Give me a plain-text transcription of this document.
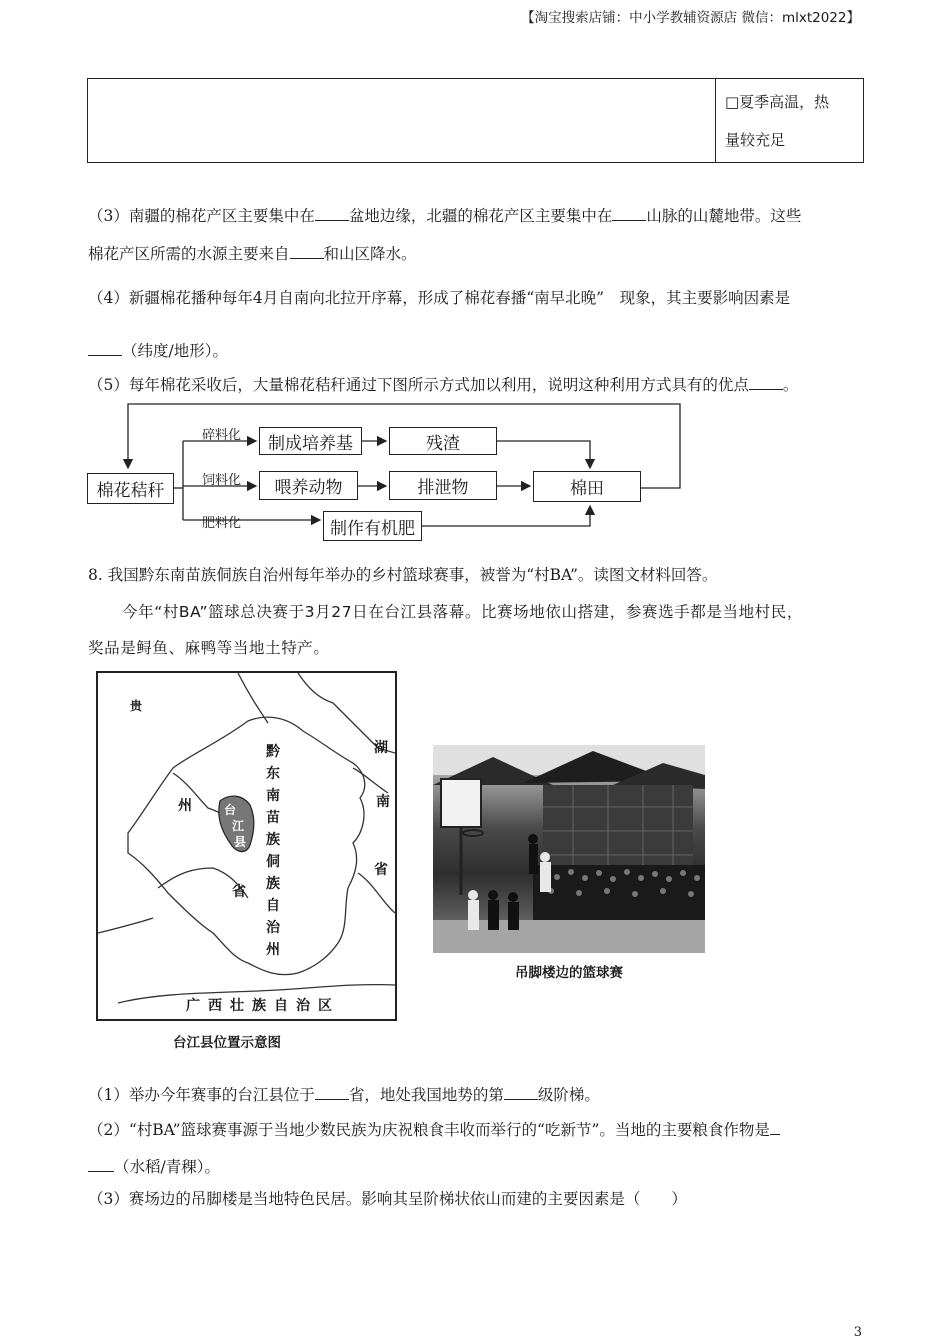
【淘宝搜索店铺：中小学教辅资源店 微信：mlxt2022】
□夏季高温，热
量较充足
（3）南疆的棉花产区主要集中在 盆地边缘，北疆的棉花产区主要集中在 山脉的山麓地带。这些
棉花产区所需的水源主要来自 和山区降水。
（4）新疆棉花播种每年4月自南向北拉开序幕，形成了棉花春播“南早北晚”　现象，其主要影响因素是
（纬度/地形）。
（5）每年棉花采收后，大量棉花秸秆通过下图所示方式加以利用，说明这种利用方式具有的优点 。
棉花秸秆
碎料化
饲料化
肥料化
制成培养基	残渣
喂养动物	排泄物	棉田
制作有机肥
8. 我国黔东南苗族侗族自治州每年举办的乡村篮球赛事，被誉为“村BA”。读图文材料回答。
今年“村BA”篮球总决赛于3月27日在台江县落幕。比赛场地依山搭建，参赛选手都是当地村民，
奖品是鲟鱼、麻鸭等当地土特产。
贵
州
省
湖
南
省
黔
东
南
苗
族
侗
族
自
治
州
台
江
县
广西壮族自治区
台江县位置示意图
吊脚楼边的篮球赛
（1）举办今年赛事的台江县位于 省，地处我国地势的第 级阶梯。
（2）“村BA”篮球赛事源于当地少数民族为庆祝粮食丰收而举行的“吃新节”。当地的主要粮食作物是
（水稻/青稞）。
（3）赛场边的吊脚楼是当地特色民居。影响其呈阶梯状依山而建的主要因素是（　　）
3
